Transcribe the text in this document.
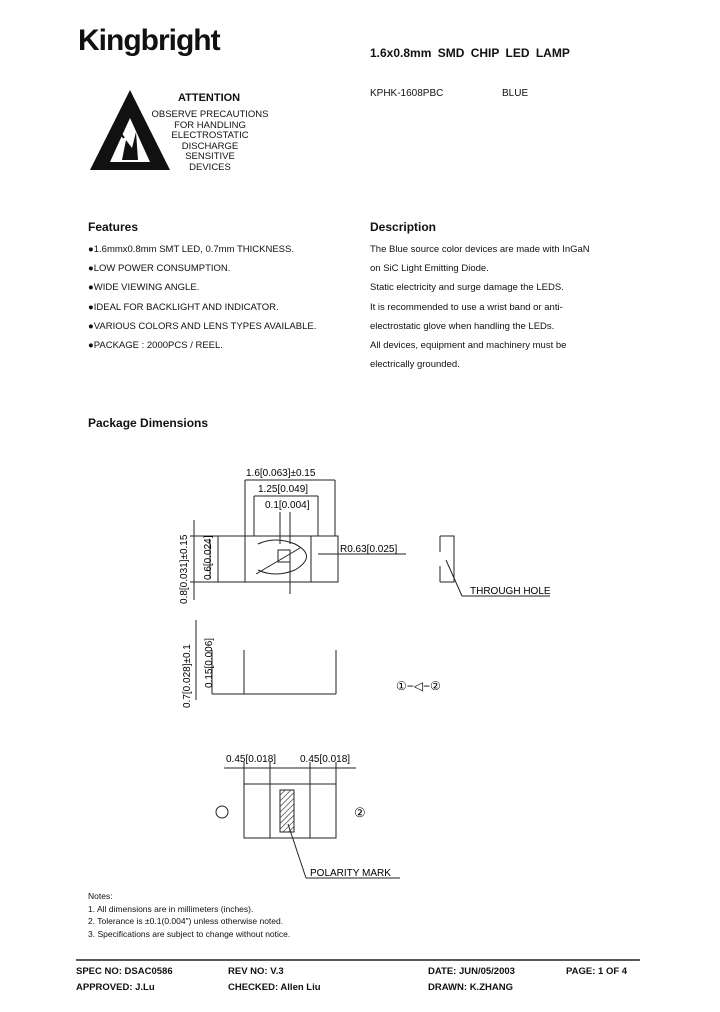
Kingbright	1.6x0.8mm SMD CHIP LED LAMP
KPHK-1608PBC	BLUE
ATTENTION
OBSERVE PRECAUTIONS
FOR HANDLING
ELECTROSTATIC
DISCHARGE
SENSITIVE
DEVICES
Features
●1.6mmx0.8mm SMT LED, 0.7mm THICKNESS.
●LOW POWER CONSUMPTION.
●WIDE VIEWING ANGLE.
●IDEAL FOR BACKLIGHT AND INDICATOR.
●VARIOUS COLORS AND LENS TYPES AVAILABLE.
●PACKAGE : 2000PCS / REEL.
Description
The Blue source color devices are made with InGaN
on SiC Light Emitting Diode.
Static electricity and surge damage the LEDS.
It is recommended to use a wrist band or anti-
electrostatic glove when handling the LEDs.
All devices, equipment and machinery must be
electrically grounded.
Package Dimensions
1.6[0.063]±0.15
1.25[0.049]
0.1[0.004]
0.8[0.031]±0.15 0.6[0.024]	R0.63[0.025]
THROUGH HOLE
0.7[0.028]±0.1 0.15[0.006]	①−◁−②
0.45[0.018] 0.45[0.018]
②
POLARITY MARK
Notes:
1. All dimensions are in millimeters (inches).
2. Tolerance is ±0.1(0.004") unless otherwise noted.
3. Specifications are subject to change without notice.
SPEC NO: DSAC0586	REV NO: V.3	DATE: JUN/05/2003	PAGE: 1 OF 4
APPROVED: J.Lu	CHECKED: Allen Liu	DRAWN: K.ZHANG
